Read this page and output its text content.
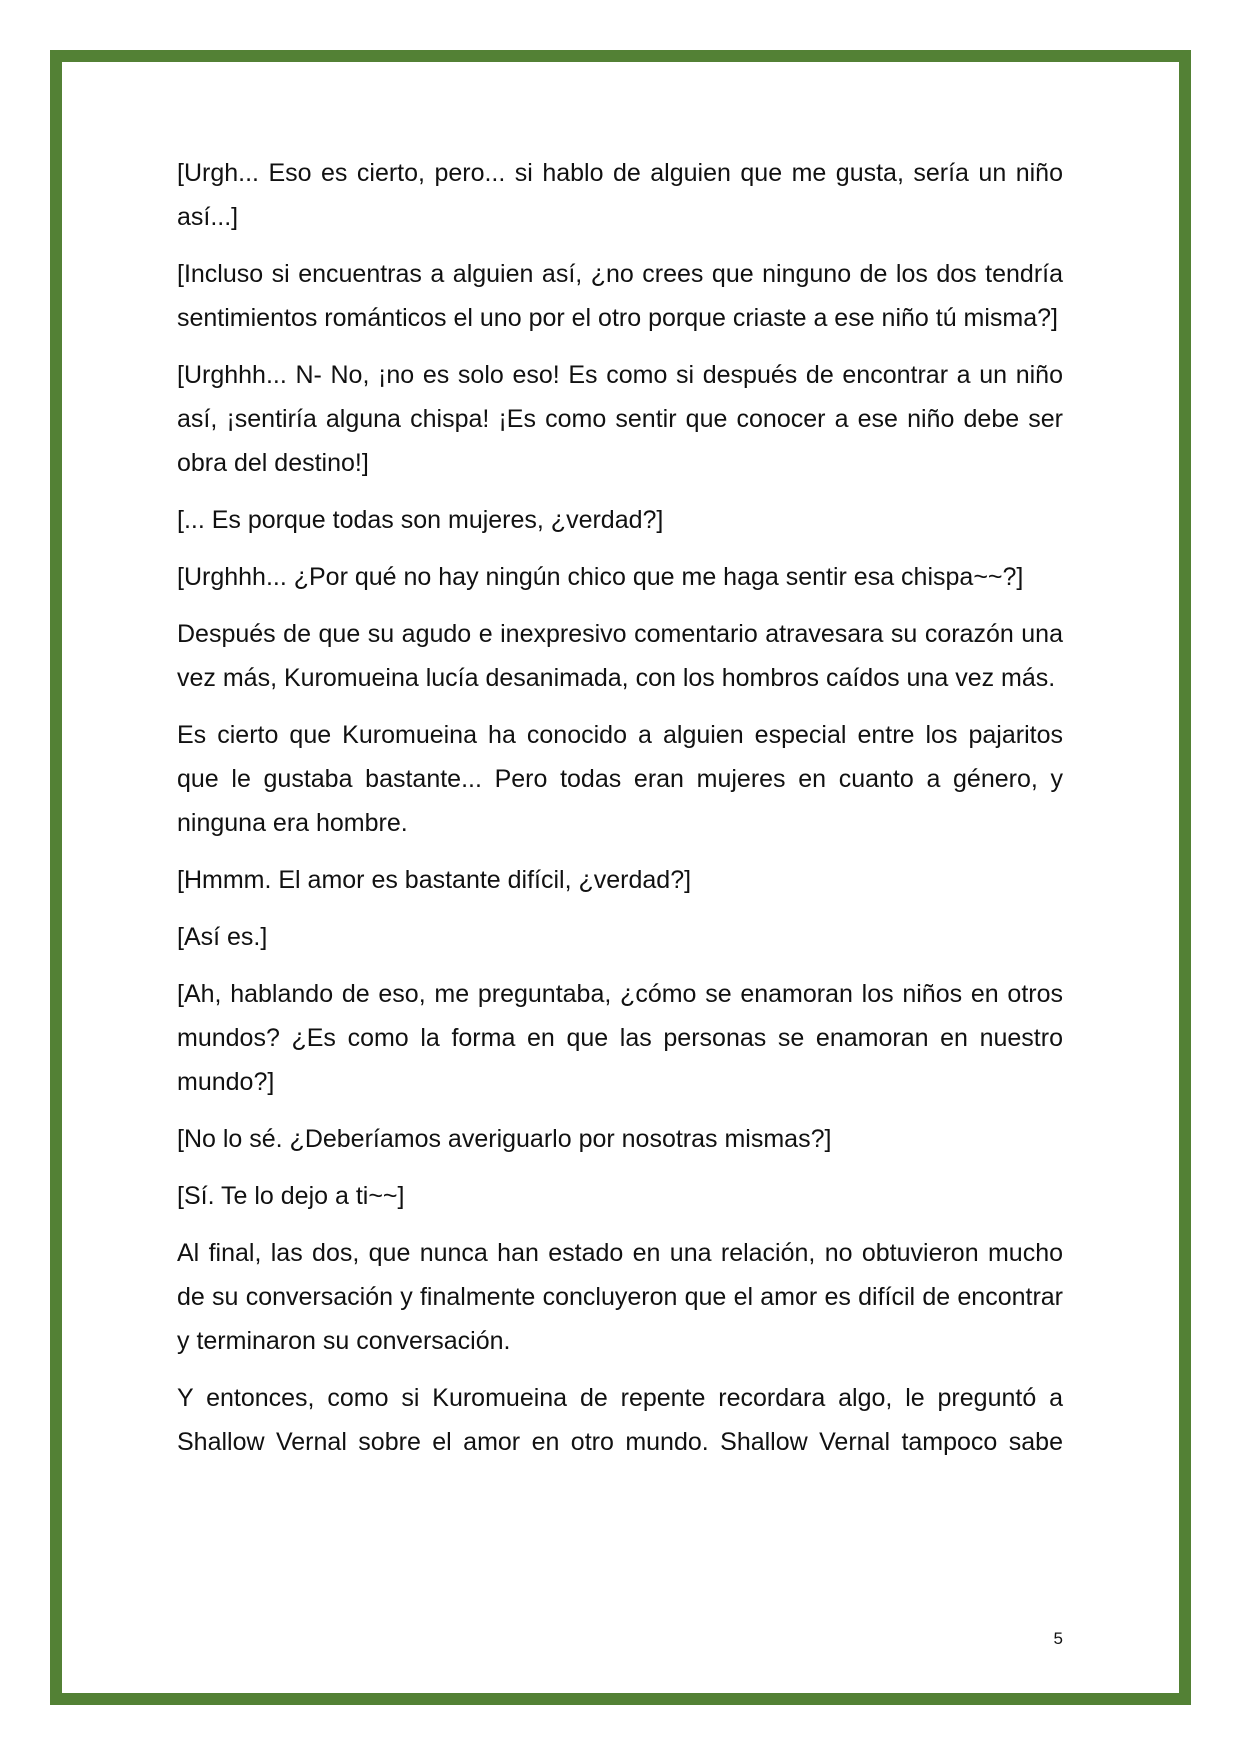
[Urgh... Eso es cierto, pero... si hablo de alguien que me gusta, sería un niño así...]

[Incluso si encuentras a alguien así, ¿no crees que ninguno de los dos tendría sentimientos románticos el uno por el otro porque criaste a ese niño tú misma?]

[Urghhh... N- No, ¡no es solo eso! Es como si después de encontrar a un niño así, ¡sentiría alguna chispa! ¡Es como sentir que conocer a ese niño debe ser obra del destino!]

[... Es porque todas son mujeres, ¿verdad?]

[Urghhh... ¿Por qué no hay ningún chico que me haga sentir esa chispa~~?]

Después de que su agudo e inexpresivo comentario atravesara su corazón una vez más, Kuromueina lucía desanimada, con los hombros caídos una vez más.

Es cierto que Kuromueina ha conocido a alguien especial entre los pajaritos que le gustaba bastante... Pero todas eran mujeres en cuanto a género, y ninguna era hombre.

[Hmmm. El amor es bastante difícil, ¿verdad?]

[Así es.]

[Ah, hablando de eso, me preguntaba, ¿cómo se enamoran los niños en otros mundos? ¿Es como la forma en que las personas se enamoran en nuestro mundo?]

[No lo sé. ¿Deberíamos averiguarlo por nosotras mismas?]

[Sí. Te lo dejo a ti~~]

Al final, las dos, que nunca han estado en una relación, no obtuvieron mucho de su conversación y finalmente concluyeron que el amor es difícil de encontrar y terminaron su conversación.

Y entonces, como si Kuromueina de repente recordara algo, le preguntó a Shallow Vernal sobre el amor en otro mundo. Shallow Vernal tampoco sabe

5
